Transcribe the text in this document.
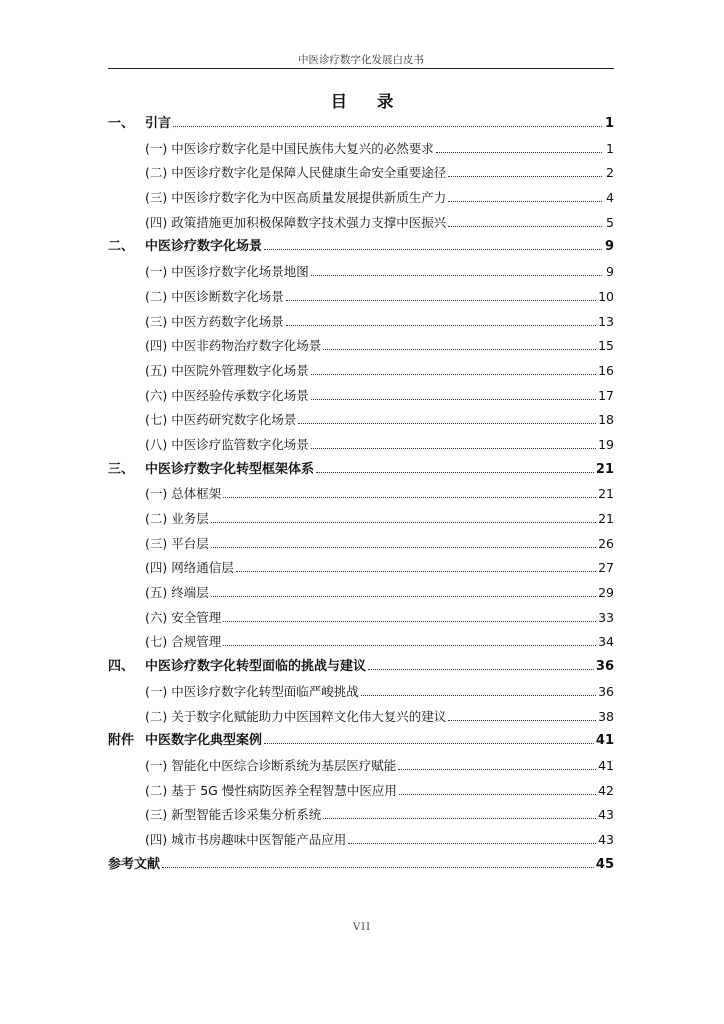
中医诊疗数字化发展白皮书
目 录
一、 引言	1
(一) 中医诊疗数字化是中国民族伟大复兴的必然要求	1
(二) 中医诊疗数字化是保障人民健康生命安全重要途径	2
(三) 中医诊疗数字化为中医高质量发展提供新质生产力	4
(四) 政策措施更加积极保障数字技术强力支撑中医振兴	5
二、 中医诊疗数字化场景	9
(一) 中医诊疗数字化场景地图	9
(二) 中医诊断数字化场景	10
(三) 中医方药数字化场景	13
(四) 中医非药物治疗数字化场景	15
(五) 中医院外管理数字化场景	16
(六) 中医经验传承数字化场景	17
(七) 中医药研究数字化场景	18
(八) 中医诊疗监管数字化场景	19
三、 中医诊疗数字化转型框架体系	21
(一) 总体框架	21
(二) 业务层	21
(三) 平台层	26
(四) 网络通信层	27
(五) 终端层	29
(六) 安全管理	33
(七) 合规管理	34
四、 中医诊疗数字化转型面临的挑战与建议	36
(一) 中医诊疗数字化转型面临严峻挑战	36
(二) 关于数字化赋能助力中医国粹文化伟大复兴的建议	38
附件 中医数字化典型案例	41
(一) 智能化中医综合诊断系统为基层医疗赋能	41
(二) 基于 5G 慢性病防医养全程智慧中医应用	42
(三) 新型智能舌诊采集分析系统	43
(四) 城市书房趣味中医智能产品应用	43
参考文献	45
VII
